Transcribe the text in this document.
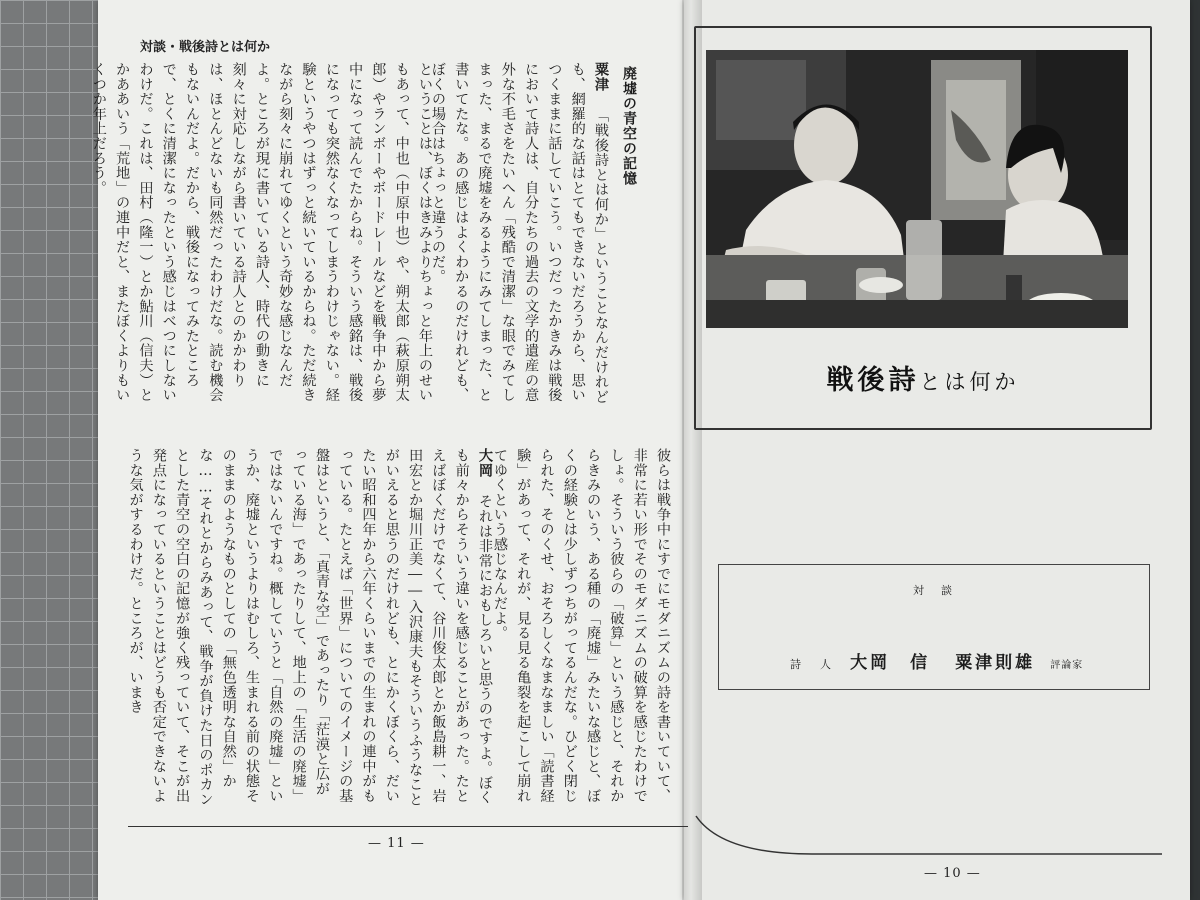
対談・戦後詩とは何か
廃墟の青空の記憶
粟津 「戦後詩とは何か」ということなんだけれども、網羅的な話はとてもできないだろうから、思いつくままに話していこう。いつだったかきみは戦後において詩人は、自分たちの過去の文学的遺産の意外な不毛さをたいへん「残酷で清潔」な眼でみてしまった、まるで廃墟をみるようにみてしまった、と書いてたな。あの感じはよくわかるのだけれども、ぼくの場合はちょっと違うのだ。
ということは、ぼくはきみよりちょっと年上のせいもあって、中也（中原中也）や、朔太郎（萩原朔太郎）やランボーやボードレールなどを戦争中から夢中になって読んでたからね。そういう感銘は、戦後になっても突然なくなってしまうわけじゃない。経験というやつはずっと続いているからね。ただ続きながら刻々に崩れてゆくという奇妙な感じなんだよ。ところが現に書いている詩人、時代の動きに刻々に対応しながら書いている詩人とのかかわりは、ほとんどないも同然だったわけだな。読む機会もないんだよ。だから、戦後になってみたところで、とくに清潔になったという感じはべつにしないわけだ。これは、田村（隆一）とか鮎川（信夫）とかああいう「荒地」の連中だと、またぼくよりもいくつか年上だろう。
彼らは戦争中にすでにモダニズムの詩を書いていて、非常に若い形でそのモダニズムの破算を感じたわけでしょ。そういう彼らの「破算」という感じと、それからきみのいう、ある種の「廃墟」みたいな感じと、ぼくの経験とは少しずつちがってるんだな。ひどく閉じられた、そのくせ、おそろしくなまなましい「読書経験」があって、それが、見る見る亀裂を起こして崩れてゆくという感じなんだよ。
大岡 それは非常におもしろいと思うのですよ。ぼくも前々からそういう違いを感じることがあった。たとえばぼくだけでなくて、谷川俊太郎とか飯島耕一、岩田宏とか堀川正美――入沢康夫もそういうふうなことがいえると思うのだけれども、とにかくぼくら、だいたい昭和四年から六年くらいまでの生まれの連中がもっている。たとえば「世界」についてのイメージの基盤はというと、「真青な空」であったり「茫漠と広がっている海」であったりして、地上の「生活の廃墟」ではないんですね。概していうと「自然の廃墟」というか、廃墟というよりはむしろ、生まれる前の状態そのままのようなものとしての「無色透明な自然」かな……それとからみあって、戦争が負けた日のポカンとした青空の空白の記憶が強く残っていて、そこが出発点になっているということはどうも否定できないような気がするわけだ。ところが、いまき
— 11 —
戦後詩とは何か
対　談
詩　人 大岡　信 粟津則雄 評論家
— 10 —
